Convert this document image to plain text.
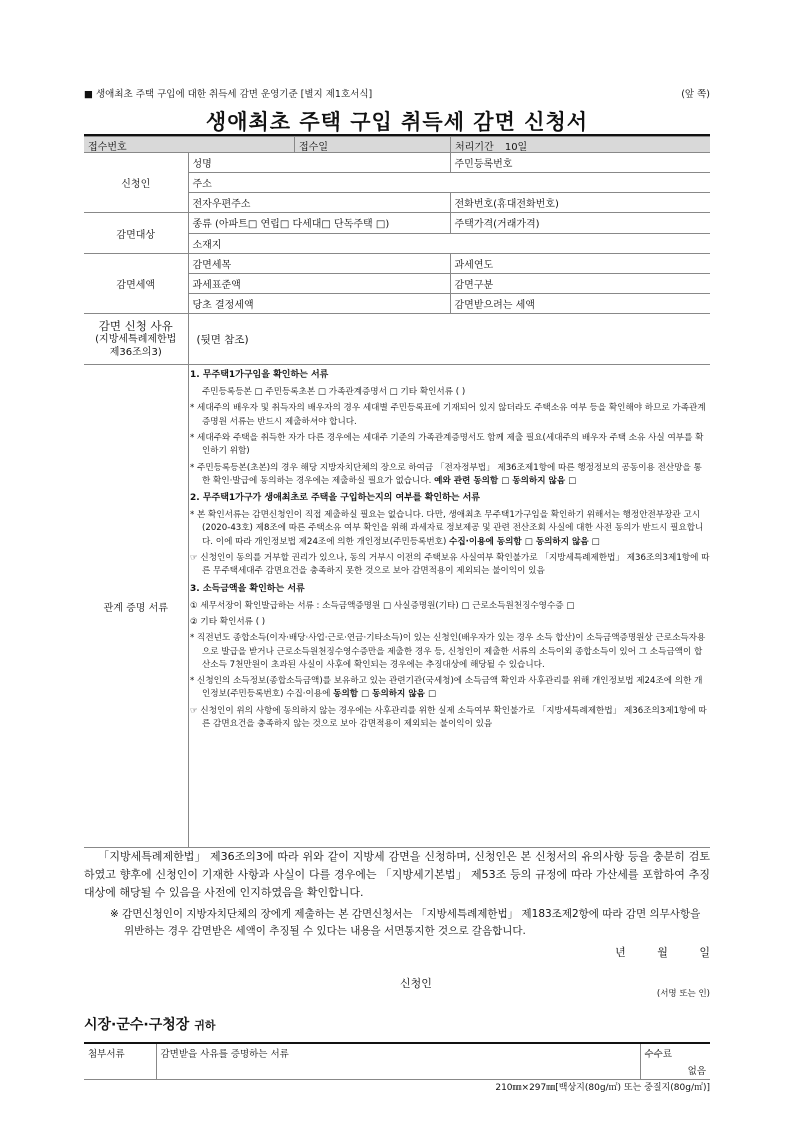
■ 생애최초 주택 구입에 대한 취득세 감면 운영기준 [별지 제1호서식]	(앞 쪽)
생애최초 주택 구입 취득세 감면 신청서
접수번호 접수일 처리기간 10일		

신청인	성명	주민등록번호
	주소	
	전자우편주소	전화번호(휴대전화번호)
감면대상	종류 (아파트□ 연립□ 다세대□ 단독주택 □)	주택가격(거래가격)
	소재지	
감면세액	감면세목	과세연도
	과세표준액	감면구분
	당초 결정세액	감면받으려는 세액

감면 신청 사유
(지방세특례제한법
제36조의3)	(뒷면 참조)	
관계 증명 서류		
1. 무주택1가구임을 확인하는 서류
주민등록등본 □ 주민등록초본 □ 가족관계증명서 □ 기타 확인서류 ( )
* 세대주의 배우자 및 취득자의 배우자의 경우 세대별 주민등록표에 기재되어 있지 않더라도 주택소유 여부 등을 확인해야 하므로 가족관계증명원 서류는 반드시 제출하셔야 합니다.
* 세대주와 주택을 취득한 자가 다른 경우에는 세대주 기준의 가족관계증명서도 함께 제출 필요(세대주의 배우자 주택 소유 사실 여부를 확인하기 위함)
* 주민등록등본(초본)의 경우 해당 지방자치단체의 장으로 하여금 「전자정부법」 제36조제1항에 따른 행정정보의 공동이용 전산망을 통한 확인·발급에 동의하는 경우에는 제출하실 필요가 없습니다. 예와 관련 동의함 □ 동의하지 않음 □
2. 무주택1가구가 생애최초로 주택을 구입하는지의 여부를 확인하는 서류
* 본 확인서류는 감면신청인이 직접 제출하실 필요는 없습니다. 다만, 생애최초 무주택1가구임을 확인하기 위해서는 행정안전부장관 고시(2020-43호) 제8조에 따른 주택소유 여부 확인을 위해 과세자료 정보제공 및 관련 전산조회 사실에 대한 사전 동의가 반드시 필요합니다. 이에 따라 개인정보법 제24조에 의한 개인정보(주민등록번호) 수집·이용에 동의함 □ 동의하지 않음 □
☞ 신청인이 동의를 거부할 권리가 있으나, 동의 거부시 이전의 주택보유 사실여부 확인불가로 「지방세특례제한법」 제36조의3제1항에 따른 무주택세대주 감면요건을 충족하지 못한 것으로 보아 감면적용이 제외되는 불이익이 있음
3. 소득금액을 확인하는 서류
① 세무서장이 확인발급하는 서류 : 소득금액증명원 □ 사실증명원(기타) □ 근로소득원천징수영수증 □
② 기타 확인서류 ( )
* 직전년도 종합소득(이자·배당·사업·근로·연금·기타소득)이 있는 신청인(배우자가 있는 경우 소득 합산)이 소득금액증명원상 근로소득자용으로 발급을 받거나 근로소득원천징수영수증만을 제출한 경우 등, 신청인이 제출한 서류의 소득이외 종합소득이 있어 그 소득금액이 합산소득 7천만원이 초과된 사실이 사후에 확인되는 경우에는 추징대상에 해당될 수 있습니다.
* 신청인의 소득정보(종합소득금액)를 보유하고 있는 관련기관(국세청)에 소득금액 확인과 사후관리를 위해 개인정보법 제24조에 의한 개인정보(주민등록번호) 수집·이용에 동의함 □ 동의하지 않음 □
☞ 신청인이 위의 사항에 동의하지 않는 경우에는 사후관리를 위한 실제 소득여부 확인불가로 「지방세특례제한법」 제36조의3제1항에 따른 감면요건을 충족하지 않는 것으로 보아 감면적용이 제외되는 불이익이 있음
「지방세특례제한법」 제36조의3에 따라 위와 같이 지방세 감면을 신청하며, 신청인은 본 신청서의 유의사항 등을 충분히 검토하였고 향후에 신청인이 기재한 사항과 사실이 다를 경우에는 「지방세기본법」 제53조 등의 규정에 따라 가산세를 포함하여 추징대상에 해당될 수 있음을 사전에 인지하였음을 확인합니다.
※ 감면신청인이 지방자치단체의 장에게 제출하는 본 감면신청서는 「지방세특례제한법」 제183조제2항에 따라 감면 의무사항을 위반하는 경우 감면받은 세액이 추징될 수 있다는 내용을 서면통지한 것으로 갈음합니다.
년 월 일
신청인
(서명 또는 인)
시장·군수·구청장 귀하
첨부서류	감면받을 사유를 증명하는 서류	수수료
없음
210㎜×297㎜[백상지(80g/㎡) 또는 중질지(80g/㎡)]
